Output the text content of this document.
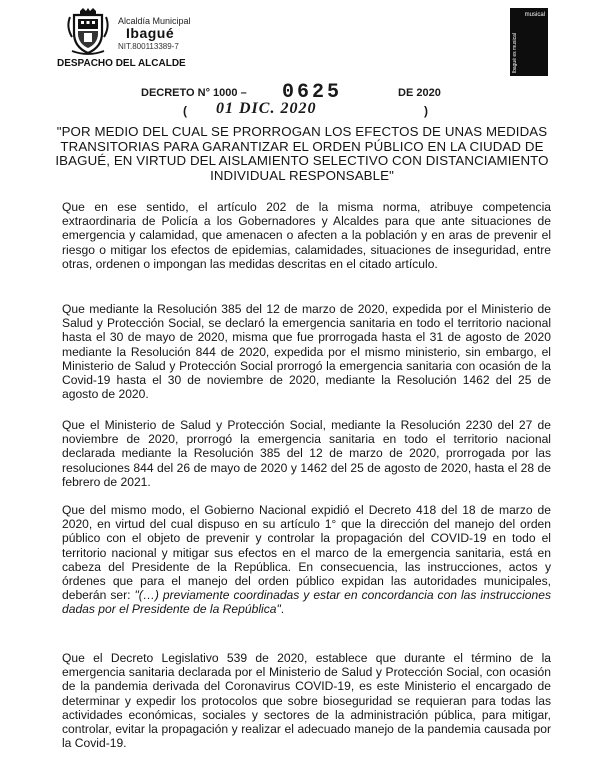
Alcaldía Municipal
Ibagué
NIT.800113389-7
DESPACHO DEL ALCALDE
musical
Ibagué es musical
DECRETO N° 1000 – 0625	DE 2020
( 01 DIC. 2020	)
"POR MEDIO DEL CUAL SE PRORROGAN LOS EFECTOS DE UNAS MEDIDAS TRANSITORIAS PARA GARANTIZAR EL ORDEN PÚBLICO EN LA CIUDAD DE IBAGUÉ, EN VIRTUD DEL AISLAMIENTO SELECTIVO CON DISTANCIAMIENTO INDIVIDUAL RESPONSABLE"
Que en ese sentido, el artículo 202 de la misma norma, atribuye competencia extraordinaria de Policía a los Gobernadores y Alcaldes para que ante situaciones de emergencia y calamidad, que amenacen o afecten a la población y en aras de prevenir el riesgo o mitigar los efectos de epidemias, calamidades, situaciones de inseguridad, entre otras, ordenen o impongan las medidas descritas en el citado artículo.
Que mediante la Resolución 385 del 12 de marzo de 2020, expedida por el Ministerio de Salud y Protección Social, se declaró la emergencia sanitaria en todo el territorio nacional hasta el 30 de mayo de 2020, misma que fue prorrogada hasta el 31 de agosto de 2020 mediante la Resolución 844 de 2020, expedida por el mismo ministerio, sin embargo, el Ministerio de Salud y Protección Social prorrogó la emergencia sanitaria con ocasión de la Covid-19 hasta el 30 de noviembre de 2020, mediante la Resolución 1462 del 25 de agosto de 2020.
Que el Ministerio de Salud y Protección Social, mediante la Resolución 2230 del 27 de noviembre de 2020, prorrogó la emergencia sanitaria en todo el territorio nacional declarada mediante la Resolución 385 del 12 de marzo de 2020, prorrogada por las resoluciones 844 del 26 de mayo de 2020 y 1462 del 25 de agosto de 2020, hasta el 28 de febrero de 2021.
Que del mismo modo, el Gobierno Nacional expidió el Decreto 418 del 18 de marzo de 2020, en virtud del cual dispuso en su artículo 1° que la dirección del manejo del orden público con el objeto de prevenir y controlar la propagación del COVID-19 en todo el territorio nacional y mitigar sus efectos en el marco de la emergencia sanitaria, está en cabeza del Presidente de la República. En consecuencia, las instrucciones, actos y órdenes que para el manejo del orden público expidan las autoridades municipales, deberán ser: "(…) previamente coordinadas y estar en concordancia con las instrucciones dadas por el Presidente de la República".
Que el Decreto Legislativo 539 de 2020, establece que durante el término de la emergencia sanitaria declarada por el Ministerio de Salud y Protección Social, con ocasión de la pandemia derivada del Coronavirus COVID-19, es este Ministerio el encargado de determinar y expedir los protocolos que sobre bioseguridad se requieran para todas las actividades económicas, sociales y sectores de la administración pública, para mitigar, controlar, evitar la propagación y realizar el adecuado manejo de la pandemia causada por la Covid-19.
